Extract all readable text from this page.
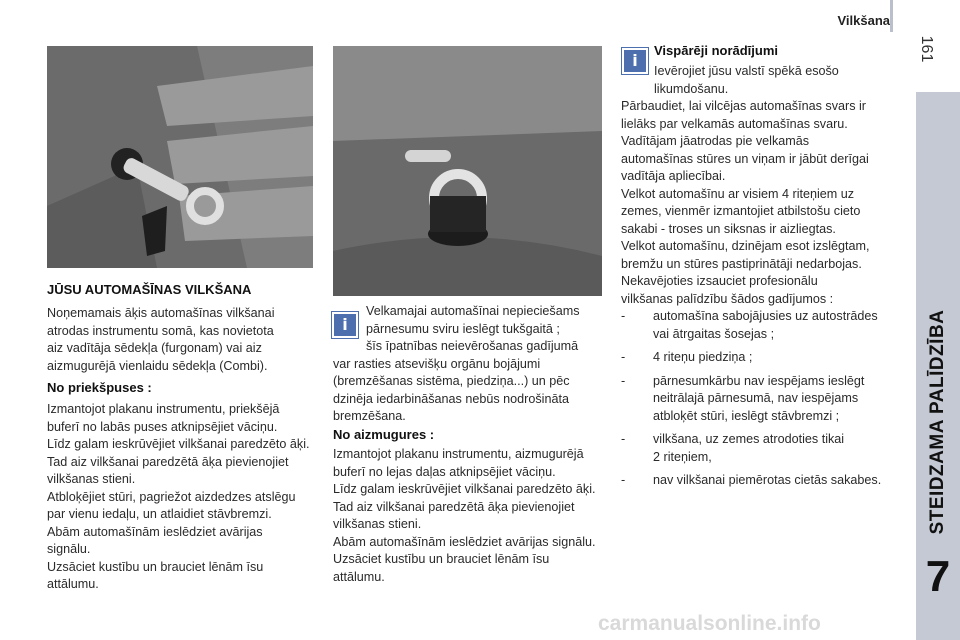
Vilkšana
161
STEIDZAMA PALĪDZĪBA
7
JŪSU AUTOMAŠĪNAS VILKŠANA

Noņemamais āķis automašīnas vilkšanai

atrodas instrumentu somā, kas novietota

aiz vadītāja sēdekļa (furgonam) vai aiz

aizmugurējā vienlaidu sēdekļa (Combi).

No priekšpuses :

Izmantojot plakanu instrumentu, priekšējā

buferī no labās puses atknipsējiet vāciņu.

Līdz galam ieskrūvējiet vilkšanai paredzēto āķi.

Tad aiz vilkšanai paredzētā āķa pievienojiet

vilkšanas stieni.

Atbloķējiet stūri, pagriežot aizdedzes atslēgu

par vienu iedaļu, un atlaidiet stāvbremzi.

Abām automašīnām ieslēdziet avārijas

signālu.

Uzsāciet kustību un brauciet lēnām īsu

attālumu.

i

Velkamajai automašīnai nepieciešams

pārnesumu sviru ieslēgt tukšgaitā ;

šīs īpatnības neievērošanas gadījumā

var rasties atsevišķu orgānu bojājumi

(bremzēšanas sistēma, piedziņa...) un pēc

dzinēja iedarbināšanas nebūs nodrošināta

bremzēšana.

No aizmugures :

Izmantojot plakanu instrumentu, aizmugurējā

buferī no lejas daļas atknipsējiet vāciņu.

Līdz galam ieskrūvējiet vilkšanai paredzēto āķi.

Tad aiz vilkšanai paredzētā āķa pievienojiet

vilkšanas stieni.

Abām automašīnām ieslēdziet avārijas signālu.

Uzsāciet kustību un brauciet lēnām īsu

attālumu.

i
Vispārēji norādījumi

Ievērojiet jūsu valstī spēkā esošo

likumdošanu.

Pārbaudiet, lai vilcējas automašīnas svars ir

lielāks par velkamās automašīnas svaru.

Vadītājam jāatrodas pie velkamās

automašīnas stūres un viņam ir jābūt derīgai

vadītāja apliecībai.

Velkot automašīnu ar visiem 4 riteņiem uz

zemes, vienmēr izmantojiet atbilstošu cieto

sakabi - troses un siksnas ir aizliegtas.

Velkot automašīnu, dzinējam esot izslēgtam,

bremžu un stūres pastiprinātāji nedarbojas.

Nekavējoties izsauciet profesionālu

vilkšanas palīdzību šādos gadījumos :

- automašīna sabojājusies uz autostrādes

vai ātrgaitas šosejas ;

- 4 riteņu piedziņa ;

- pārnesumkārbu nav iespējams ieslēgt

neitrālajā pārnesumā, nav iespējams

atbloķēt stūri, ieslēgt stāvbremzi ;

- vilkšana, uz zemes atrodoties tikai

2 riteņiem,

- nav vilkšanai piemērotas cietās sakabes.

carmanualsonline.info
